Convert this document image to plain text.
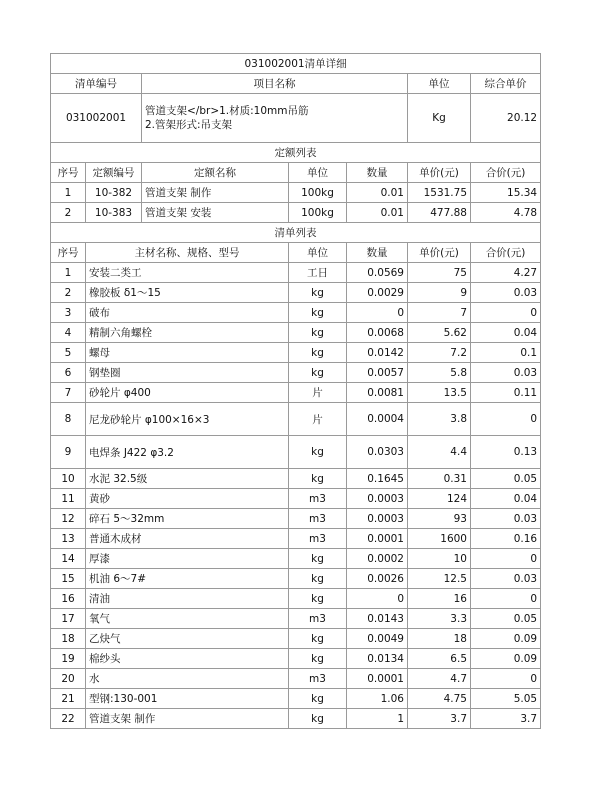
031002001清单详细						
清单编号		项目名称			单位	综合单价
031002001		管道支架</br>1.材质:10mm吊筋
2.管架形式:吊支架			Kg	20.12
定额列表						
序号	定额编号	定额名称	单位	数量	单价(元)	合价(元)
1	10-382	管道支架 制作	100kg	0.01	1531.75	15.34
2	10-383	管道支架 安装	100kg	0.01	477.88	4.78
清单列表						
序号	主材名称、规格、型号		单位	数量	单价(元)	合价(元)
1	安装二类工		工日	0.0569	75	4.27
2	橡胶板 δ1～15		kg	0.0029	9	0.03
3	破布		kg	0	7	0
4	精制六角螺栓		kg	0.0068	5.62	0.04
5	螺母		kg	0.0142	7.2	0.1
6	钢垫圈		kg	0.0057	5.8	0.03
7	砂轮片 φ400		片	0.0081	13.5	0.11
8	尼龙砂轮片 φ100×16×3		片	0.0004	3.8	0
9	电焊条 J422 φ3.2		kg	0.0303	4.4	0.13
10	水泥 32.5级		kg	0.1645	0.31	0.05
11	黄砂		m3	0.0003	124	0.04
12	碎石 5～32mm		m3	0.0003	93	0.03
13	普通木成材		m3	0.0001	1600	0.16
14	厚漆		kg	0.0002	10	0
15	机油 6～7#		kg	0.0026	12.5	0.03
16	清油		kg	0	16	0
17	氧气		m3	0.0143	3.3	0.05
18	乙炔气		kg	0.0049	18	0.09
19	棉纱头		kg	0.0134	6.5	0.09
20	水		m3	0.0001	4.7	0
21	型钢:130-001		kg	1.06	4.75	5.05
22	管道支架 制作		kg	1	3.7	3.7
